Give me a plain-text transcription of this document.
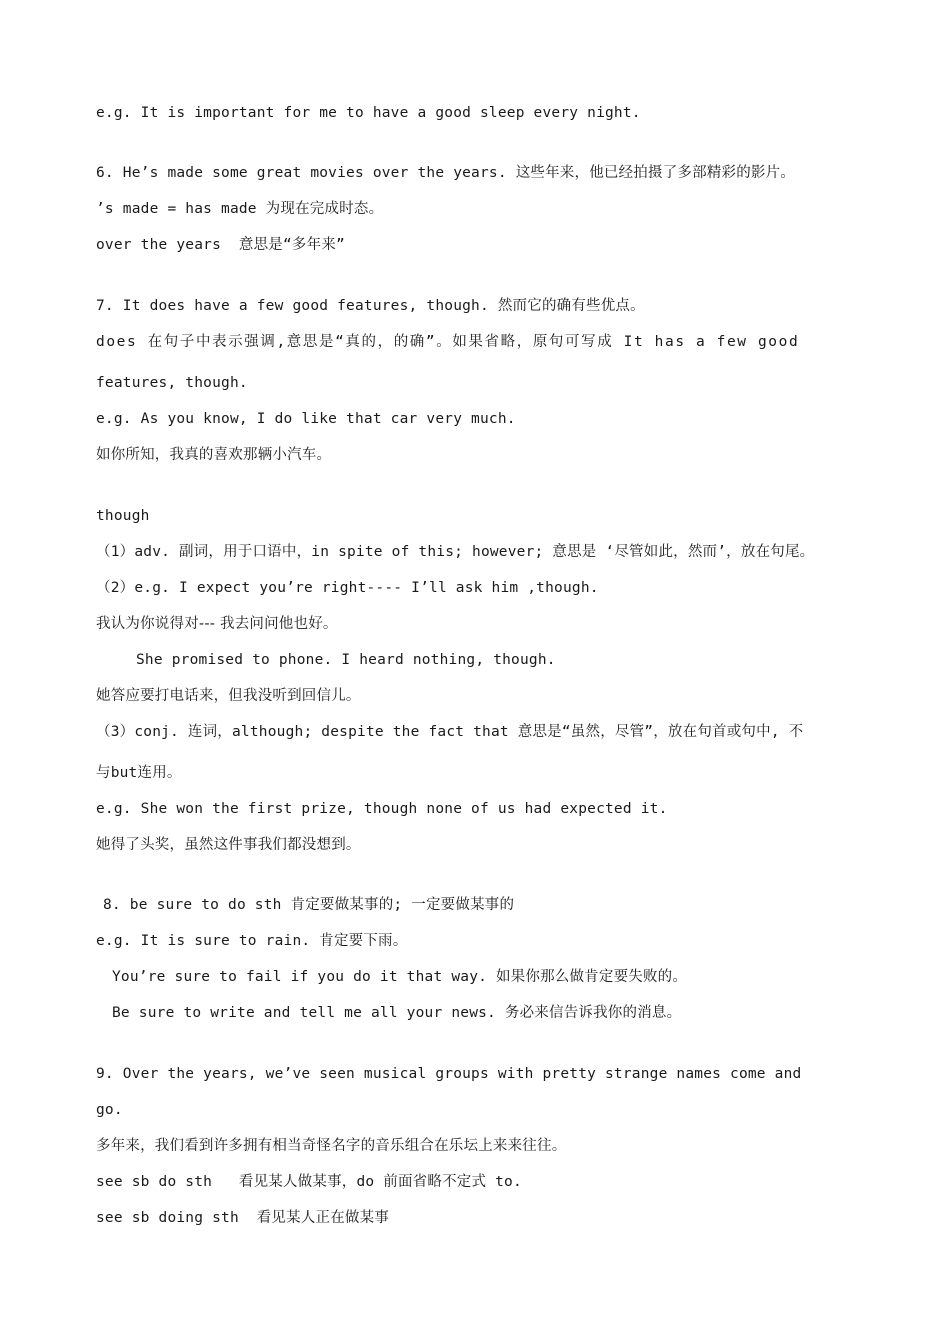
e.g. It is important for me to have a good sleep every night.
6. He’s made some great movies over the years. 这些年来，他已经拍摄了多部精彩的影片。
’s made = has made 为现在完成时态。
over the years  意思是“多年来”
7. It does have a few good features, though. 然而它的确有些优点。
does 在句子中表示强调,意思是“真的，的确”。如果省略，原句可写成 It has a few good
features, though.
e.g. As you know, I do like that car very much.
如你所知，我真的喜欢那辆小汽车。
though
（1）adv. 副词，用于口语中，in spite of this; however; 意思是 ‘尽管如此，然而’，放在句尾。
（2）e.g. I expect you’re right---- I’ll ask him ,though.
我认为你说得对--- 我去问问他也好。
She promised to phone. I heard nothing, though.
她答应要打电话来，但我没听到回信儿。
（3）conj. 连词，although; despite the fact that 意思是“虽然，尽管”，放在句首或句中, 不
与but连用。
e.g. She won the first prize, though none of us had expected it.
她得了头奖，虽然这件事我们都没想到。
8. be sure to do sth 肯定要做某事的; 一定要做某事的
e.g. It is sure to rain. 肯定要下雨。
You’re sure to fail if you do it that way. 如果你那么做肯定要失败的。
Be sure to write and tell me all your news. 务必来信告诉我你的消息。
9. Over the years, we’ve seen musical groups with pretty strange names come and
go.
多年来，我们看到许多拥有相当奇怪名字的音乐组合在乐坛上来来往往。
see sb do sth   看见某人做某事，do 前面省略不定式 to.
see sb doing sth  看见某人正在做某事
